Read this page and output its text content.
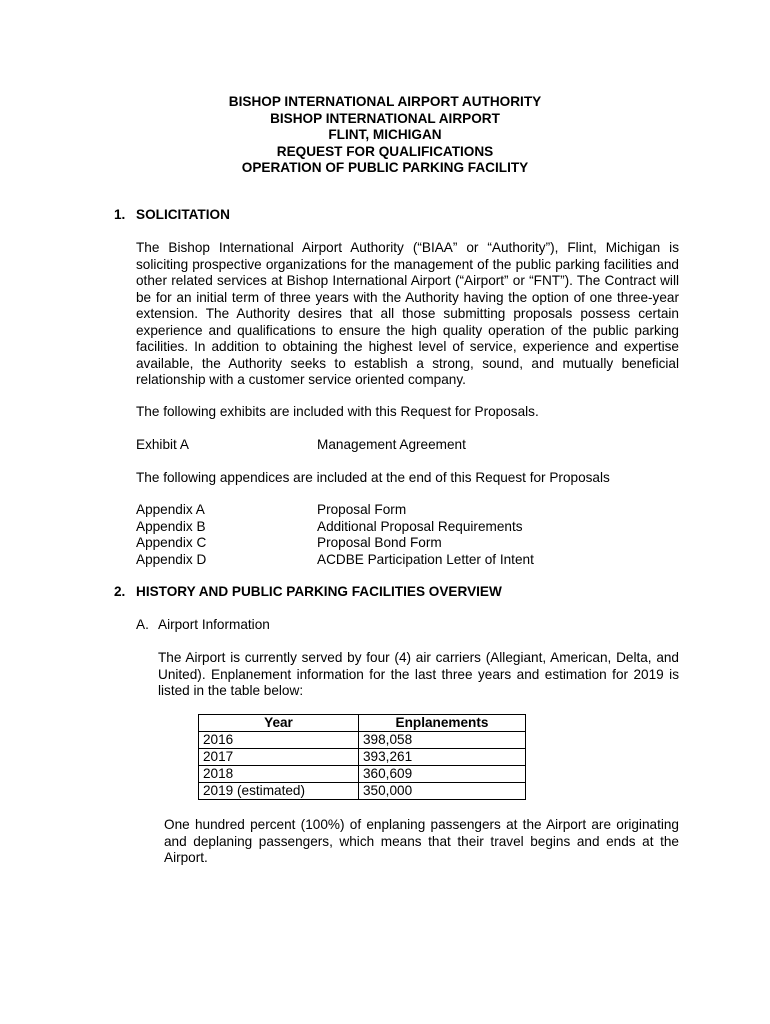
BISHOP INTERNATIONAL AIRPORT AUTHORITY
BISHOP INTERNATIONAL AIRPORT
FLINT, MICHIGAN
REQUEST FOR QUALIFICATIONS
OPERATION OF PUBLIC PARKING FACILITY
1. SOLICITATION
The Bishop International Airport Authority (“BIAA” or “Authority”), Flint, Michigan is soliciting prospective organizations for the management of the public parking facilities and other related services at Bishop International Airport (“Airport” or “FNT”). The Contract will be for an initial term of three years with the Authority having the option of one three-year extension. The Authority desires that all those submitting proposals possess certain experience and qualifications to ensure the high quality operation of the public parking facilities. In addition to obtaining the highest level of service, experience and expertise available, the Authority seeks to establish a strong, sound, and mutually beneficial relationship with a customer service oriented company.
The following exhibits are included with this Request for Proposals.
Exhibit A	Management Agreement
The following appendices are included at the end of this Request for Proposals
Appendix A	Proposal Form
Appendix B	Additional Proposal Requirements
Appendix C	Proposal Bond Form
Appendix D	ACDBE Participation Letter of Intent
2. HISTORY AND PUBLIC PARKING FACILITIES OVERVIEW
A. Airport Information
The Airport is currently served by four (4) air carriers (Allegiant, American, Delta, and United). Enplanement information for the last three years and estimation for 2019 is listed in the table below:
Year	Enplanements
2016	398,058
2017	393,261
2018	360,609
2019 (estimated)	350,000
One hundred percent (100%) of enplaning passengers at the Airport are originating and deplaning passengers, which means that their travel begins and ends at the Airport.
